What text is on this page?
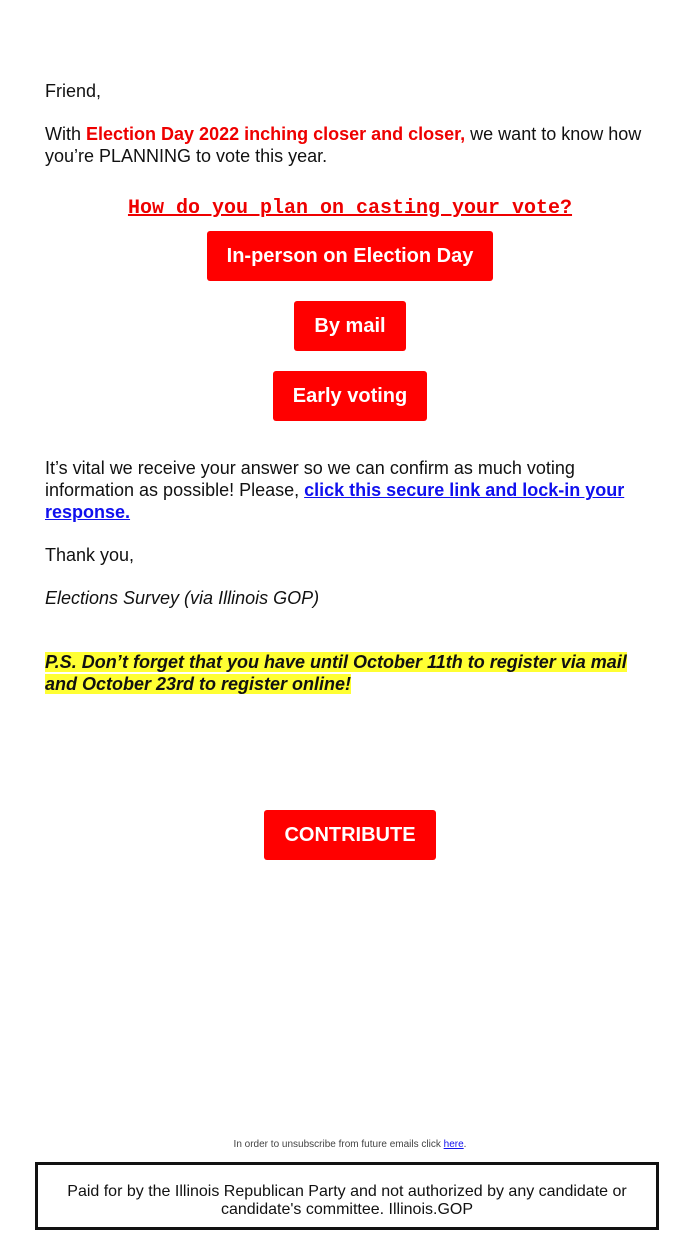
Friend,

With Election Day 2022 inching closer and closer, we want to know how you’re PLANNING to vote this year.

How do you plan on casting your vote?

In-person on Election Day
By mail
Early voting

It’s vital we receive your answer so we can confirm as much voting information as possible! Please, click this secure link and lock-in your response.

Thank you,

Elections Survey (via Illinois GOP)

P.S. Don’t forget that you have until October 11th to register via mail and October 23rd to register online!

CONTRIBUTE
In order to unsubscribe from future emails click here.
Paid for by the Illinois Republican Party and not authorized by any candidate or candidate's committee. Illinois.GOP
